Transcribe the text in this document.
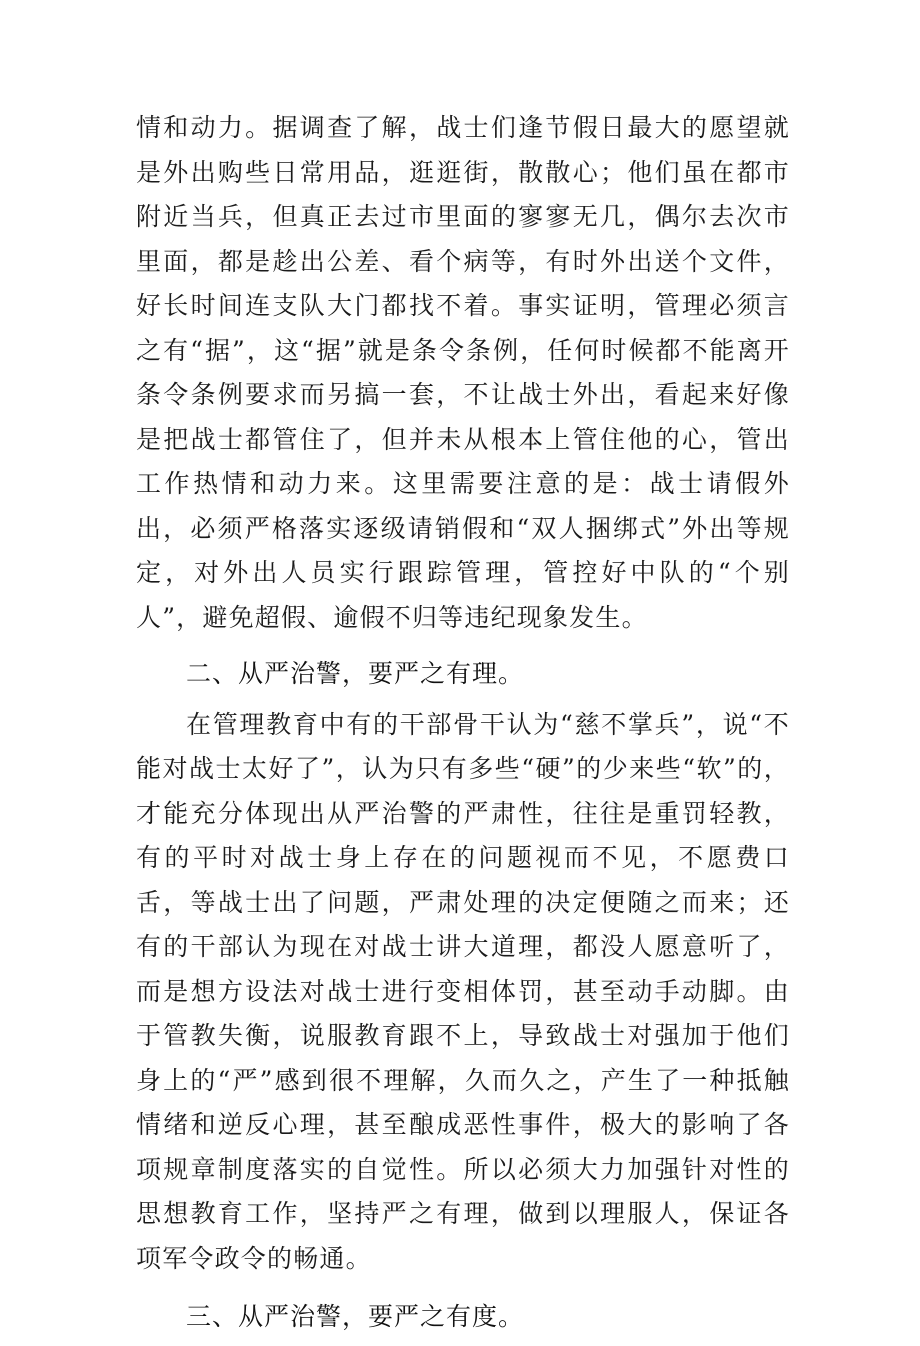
情和动力。据调查了解，战士们逢节假日最大的愿望就是外出购些日常用品，逛逛街，散散心；他们虽在都市附近当兵，但真正去过市里面的寥寥无几，偶尔去次市里面，都是趁出公差、看个病等，有时外出送个文件，好长时间连支队大门都找不着。事实证明，管理必须言之有“据”，这“据”就是条令条例，任何时候都不能离开条令条例要求而另搞一套，不让战士外出，看起来好像是把战士都管住了，但并未从根本上管住他的心，管出工作热情和动力来。这里需要注意的是：战士请假外出，必须严格落实逐级请销假和“双人捆绑式”外出等规定，对外出人员实行跟踪管理，管控好中队的“个别人”，避免超假、逾假不归等违纪现象发生。

二、从严治警，要严之有理。

在管理教育中有的干部骨干认为“慈不掌兵”，说“不能对战士太好了”，认为只有多些“硬”的少来些“软”的，才能充分体现出从严治警的严肃性，往往是重罚轻教，有的平时对战士身上存在的问题视而不见，不愿费口舌，等战士出了问题，严肃处理的决定便随之而来；还有的干部认为现在对战士讲大道理，都没人愿意听了，而是想方设法对战士进行变相体罚，甚至动手动脚。由于管教失衡，说服教育跟不上，导致战士对强加于他们身上的“严”感到很不理解，久而久之，产生了一种抵触情绪和逆反心理，甚至酿成恶性事件，极大的影响了各项规章制度落实的自觉性。所以必须大力加强针对性的思想教育工作，坚持严之有理，做到以理服人，保证各项军令政令的畅通。

三、从严治警，要严之有度。
